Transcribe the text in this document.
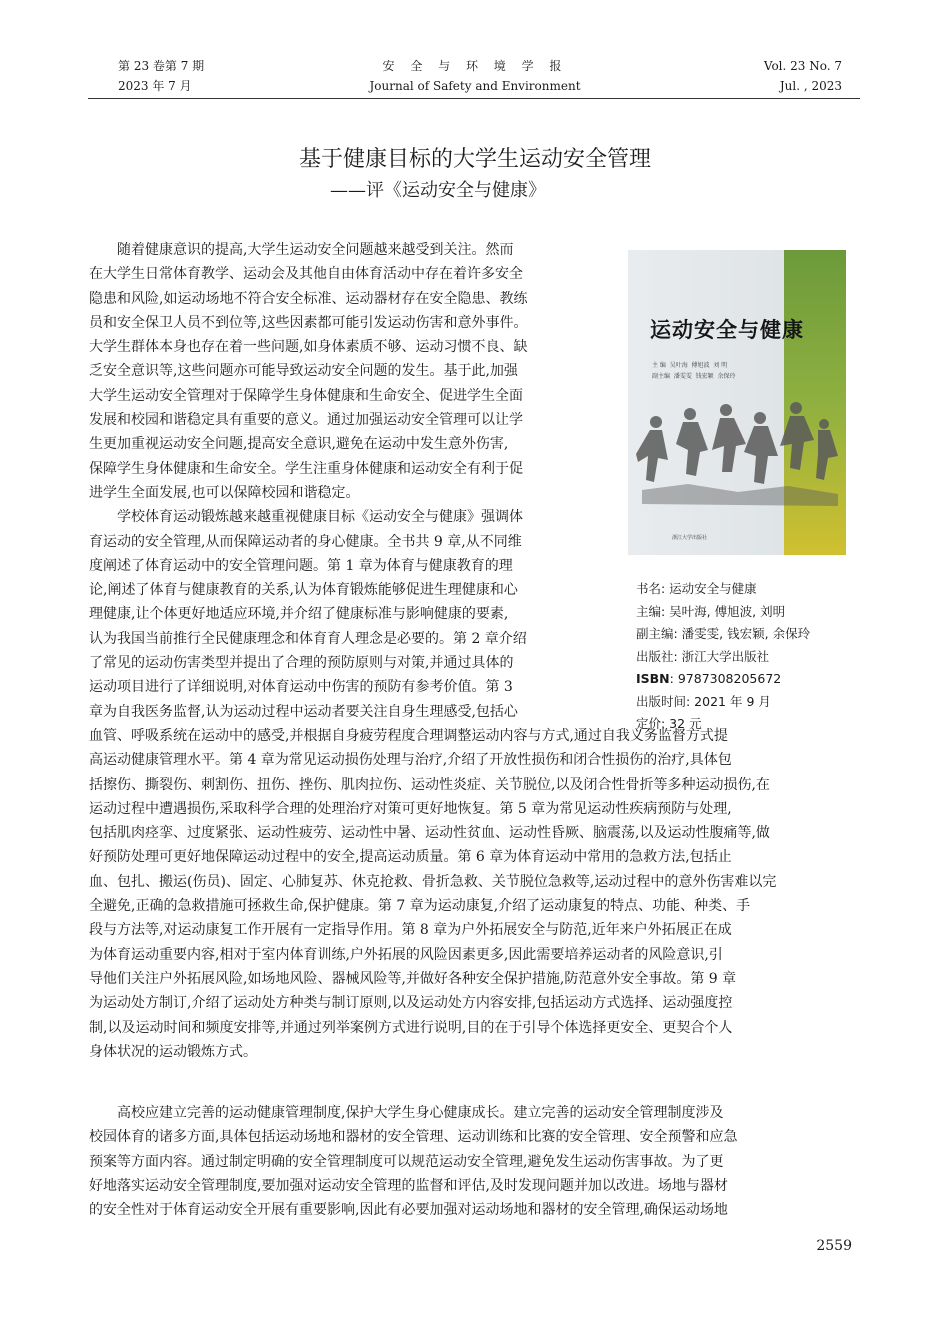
第 23 卷第 7 期
2023 年 7 月
安 全 与 环 境 学 报
Journal of Safety and Environment
Vol. 23 No. 7
Jul. , 2023
基于健康目标的大学生运动安全管理
——评《运动安全与健康》
运动安全与健康
主 编  吴叶海  傅旭波  刘 明
副主编  潘雯雯  钱宏颖  余保玲
浙江大学出版社
书名: 运动安全与健康
主编: 吴叶海, 傅旭波, 刘明
副主编: 潘雯雯, 钱宏颖, 余保玲
出版社: 浙江大学出版社
ISBN: 9787308205672
出版时间: 2021 年 9 月
定价: 32 元
随着健康意识的提高,大学生运动安全问题越来越受到关注。然而
在大学生日常体育教学、运动会及其他自由体育活动中存在着许多安全
隐患和风险,如运动场地不符合安全标准、运动器材存在安全隐患、教练
员和安全保卫人员不到位等,这些因素都可能引发运动伤害和意外事件。
大学生群体本身也存在着一些问题,如身体素质不够、运动习惯不良、缺
乏安全意识等,这些问题亦可能导致运动安全问题的发生。基于此,加强
大学生运动安全管理对于保障学生身体健康和生命安全、促进学生全面
发展和校园和谐稳定具有重要的意义。通过加强运动安全管理可以让学
生更加重视运动安全问题,提高安全意识,避免在运动中发生意外伤害,
保障学生身体健康和生命安全。学生注重身体健康和运动安全有利于促
进学生全面发展,也可以保障校园和谐稳定。
学校体育运动锻炼越来越重视健康目标《运动安全与健康》强调体
育运动的安全管理,从而保障运动者的身心健康。全书共 9 章,从不同维
度阐述了体育运动中的安全管理问题。第 1 章为体育与健康教育的理
论,阐述了体育与健康教育的关系,认为体育锻炼能够促进生理健康和心
理健康,让个体更好地适应环境,并介绍了健康标准与影响健康的要素,
认为我国当前推行全民健康理念和体育育人理念是必要的。第 2 章介绍
了常见的运动伤害类型并提出了合理的预防原则与对策,并通过具体的
运动项目进行了详细说明,对体育运动中伤害的预防有参考价值。第 3
章为自我医务监督,认为运动过程中运动者要关注自身生理感受,包括心
血管、呼吸系统在运动中的感受,并根据自身疲劳程度合理调整运动内容与方式,通过自我义务监督方式提
高运动健康管理水平。第 4 章为常见运动损伤处理与治疗,介绍了开放性损伤和闭合性损伤的治疗,具体包
括擦伤、撕裂伤、刺割伤、扭伤、挫伤、肌肉拉伤、运动性炎症、关节脱位,以及闭合性骨折等多种运动损伤,在
运动过程中遭遇损伤,采取科学合理的处理治疗对策可更好地恢复。第 5 章为常见运动性疾病预防与处理,
包括肌肉痉挛、过度紧张、运动性疲劳、运动性中暑、运动性贫血、运动性昏厥、脑震荡,以及运动性腹痛等,做
好预防处理可更好地保障运动过程中的安全,提高运动质量。第 6 章为体育运动中常用的急救方法,包括止
血、包扎、搬运(伤员)、固定、心肺复苏、休克抢救、骨折急救、关节脱位急救等,运动过程中的意外伤害难以完
全避免,正确的急救措施可拯救生命,保护健康。第 7 章为运动康复,介绍了运动康复的特点、功能、种类、手
段与方法等,对运动康复工作开展有一定指导作用。第 8 章为户外拓展安全与防范,近年来户外拓展正在成
为体育运动重要内容,相对于室内体育训练,户外拓展的风险因素更多,因此需要培养运动者的风险意识,引
导他们关注户外拓展风险,如场地风险、器械风险等,并做好各种安全保护措施,防范意外安全事故。第 9 章
为运动处方制订,介绍了运动处方种类与制订原则,以及运动处方内容安排,包括运动方式选择、运动强度控
制,以及运动时间和频度安排等,并通过列举案例方式进行说明,目的在于引导个体选择更安全、更契合个人
身体状况的运动锻炼方式。
高校应建立完善的运动健康管理制度,保护大学生身心健康成长。建立完善的运动安全管理制度涉及
校园体育的诸多方面,具体包括运动场地和器材的安全管理、运动训练和比赛的安全管理、安全预警和应急
预案等方面内容。通过制定明确的安全管理制度可以规范运动安全管理,避免发生运动伤害事故。为了更
好地落实运动安全管理制度,要加强对运动安全管理的监督和评估,及时发现问题并加以改进。场地与器材
的安全性对于体育运动安全开展有重要影响,因此有必要加强对运动场地和器材的安全管理,确保运动场地
2559
